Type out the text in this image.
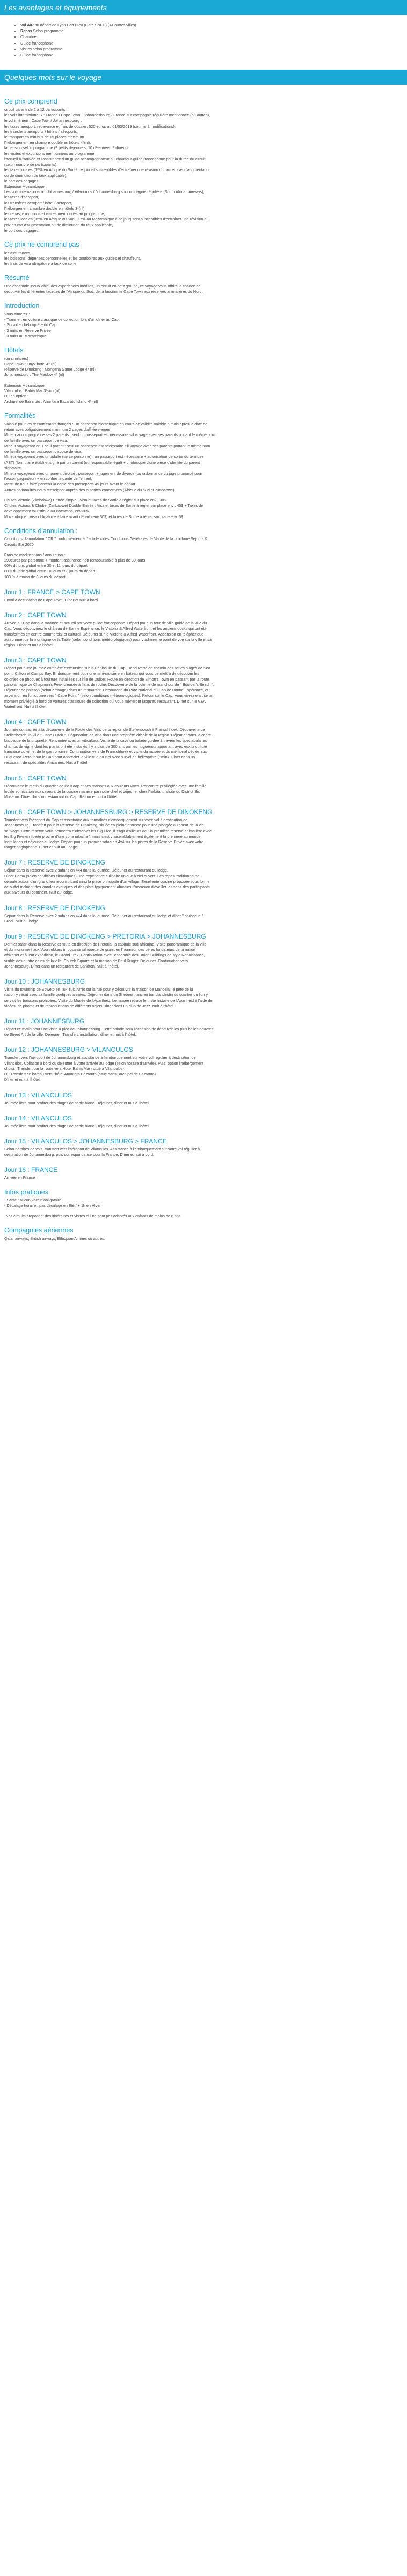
Les avantages et équipements
• Vol A/R au départ de Lyon Part Dieu (Gare SNCF) (+4 autres villes)
• Repas Selon programme
• Chambre
• Guide francophone
• Visites selon programme
• Guide francophone
Quelques mots sur le voyage
Ce prix comprend

circuit garanti de 2 à 12 participants,

les vols internationaux : France / Cape Town - Johannesbourg / France sur compagnie régulière mentionnée (ou autres),

le vol intérieur : Cape Town/ Johannesbourg ,

les taxes aéroport, redevance et frais de dossier: 520 euros au 01/03/2019 (soumis à modifications),

les transferts aéroports / hôtels / aéroports,

le transport en minibus de 15 places maximum

l'hébergement en chambre double en hôtels 4*(nl),

la pension selon programme (9 petits déjeuners, 10 déjeuners, 9 dîners),

les visites et excursions mentionnées au programme,

l'accueil à l'arrivée et l'assistance d'un guide accompagnateur ou chauffeur-guide francophone pour la durée du circuit

(selon nombre de participants),

les taxes locales (15% en Afrique du Sud à ce jour et susceptibles d'entraîner une révision du prix en cas d'augmentation

ou de diminution du taux applicable),

le port des bagages.

Extension Mozambique :

Les vols internationaux : Johannesburg / Vilanculos / Johannesburg sur compagnie régulière (South African Airways),

les taxes d'aéroport,

les transferts aéroport / hôtel / aéroport,

l'hébergement chambre double en hôtels 3*(nl),

les repas, excursions et visites mentionnés au programme,

les taxes locales (15% en Afrique du Sud - 17% au Mozambique à ce jour) sont susceptibles d'entraîner une révision du

prix en cas d'augmentation ou de diminution du taux applicable,

le port des bagages.

Ce prix ne comprend pas

les assurances,

les boissons, dépenses personnelles et les pourboires aux guides et chauffeurs.

les frais de visa obligatoire à taux de sorte

Résumé

Une escapade inoubliable, des expériences inédites, un circuit en petit groupe, ce voyage vous offrira la chance de

découvrir les différentes facettes de l'Afrique du Sud, de la fascinante Cape Town aux réserves animalières du Nord.

Introduction

Vous aimerez :

- Transfert en voiture classique de collection lors d'un dîner au Cap

- Survol en hélicoptère du Cap

- 3 nuits en Réserve Privée

- 3 nuits au Mozambique

Hôtels

(ou similaires)

Cape Town : Onyx hotel 4* (nl)

Réserve de Dinokeng : Mongena Game Lodge 4* (nl)

Johannesburg : The Maslow 4* (nl)

Extension Mozambique

Vilanculos : Bahia Mar 3*sup (nl)

Ou en option :

Archipel de Bazaruto : Anantara Bazaruto Island 4* (nl)

Formalités

Valable pour les ressortissants français : Un passeport biométrique en cours de validité valable 6 mois après la date de

retour avec obligatoirement minimum 2 pages d'affilée vierges.

Mineur accompagné de ses 2 parents : seul un passeport est nécessaire s'il voyage avec ses parents portant le même nom

de famille avec un passeport de visa.

Mineur voyageant en 1 seul parent : seul un passeport est nécessaire s'il voyage avec ses parents portant le même nom

de famille avec un passeport disposé de visa.

Mineur voyageant avec un adulte (tierce personne) : un passeport est nécessaire + autorisation de sortie du territoire

(AST) (formulaire établi et signé par un parent (ou responsable légal) + photocopie d'une pièce d'identité du parent

signataire.

Mineur voyageant avec un parent divorcé : passeport + jugement de divorce (ou ordonnance du juge prononcé pour

l'accompagnateur) + en confier la garde de l'enfant.

Merci de nous faire parvenir la copie des passeports 45 jours avant le départ

Autres nationalités nous renseigner auprès des autorités concernées (Afrique du Sud et Zimbabwe)

Chutes Victoria (Zimbabwe) Entrée simple : Visa et taxes de Sortie à régler sur place env . 30$

Chutes Victoria & Chobe (Zimbabwe) Double Entrée : Visa et taxes de Sortie à régler sur place env . 45$ + Taxes de

développement touristique au Botswana, env.30$

Mozambique : Visa obligatoire à faire avant départ (env 30$) et taxes de Sortie à régler sur place env. 6$

Conditions d'annulation :

Conditions d'annulation " CR " conformément à l' article 4 des Conditions Générales de Vente de la brochure Séjours &

Circuits Eté 2020

Frais de modifications / annulation :

290euros par personne + montant assurance non remboursable à plus de 30 jours

60% du prix global entre 30 et 11 jours du départ

80% du prix global entre 10 jours et 3 jours du départ

100 % à moins de 3 jours du départ

Jour 1 : FRANCE > CAPE TOWN

Envol à destination de Cape Town. Dîner et nuit à bord.

Jour 2 : CAPE TOWN

Arrivée au Cap dans la matinée et accueil par votre guide francophone. Départ pour un tour de ville guidé de la ville du

Cap. Vous découvrirez le château de Bonne Espérance, le Victoria & Alfred Waterfront et les anciens docks qui ont été

transformés en centre commercial et culturel. Déjeuner sur le Victoria & Alfred Waterfront. Ascension en téléphérique

au sommet de la montagne de la Table (selon conditions météorologiques) pour y admirer le point de vue sur la ville et sa

région. Dîner et nuit à l'hôtel.

Jour 3 : CAPE TOWN

Départ pour une journée complète d'excursion sur la Péninsule du Cap. Découverte en chemin des belles plages de Sea

point, Clifton et Camps Bay. Embarquement pour une mini-croisière en bateau qui vous permettra de découvrir les

colonies de phoques à fourrure installées sur l'île de Duiker. Route en direction de Simon's Town en passant par la route

panoramique de Chapman's Peak creusée à flanc de roche. Découverte de la colonie de manchots de " Boulder's Beach ".

Déjeuner de poisson (selon arrivage) dans un restaurant. Découverte du Parc National du Cap de Bonne Espérance, et

ascension en funiculaire vers " Cape Point " (selon conditions météorologiques). Retour sur le Cap. Vous vivrez ensuite un

moment privilégié à bord de voitures classiques de collection qui vous mèneront jusqu'au restaurant. Dîner sur le V&A

Waterfront. Nuit à l'hôtel.

Jour 4 : CAPE TOWN

Journée consacrée à la découverte de la Route des Vins de la région de Stellenbosch à Franschhoek. Découverte de

Stellenbosch, la ville " Cape Dutch ". Dégustation de vins dans une propriété viticole de la région. Déjeuner dans le cadre

bucolique de la propriété. Rencontre avec un viticulteur. Visite de la cave ou balade guidée à travers les spectaculaires

champs de vigne dont les plants ont été installés il y a plus de 300 ans par les huguenots apportant avec eux la culture

française du vin et de la gastronomie. Continuation vers de Franschhoek et visite du musée et du mémorial dédiés aux

Huguenot. Retour sur le Cap pour apprécier la ville vue du ciel avec survol en hélicoptère (8min). Dîner dans un

restaurant de spécialités Africaines. Nuit à l'hôtel.

Jour 5 : CAPE TOWN

Découverte le matin du quartier de Bo Kaap et ses maisons aux couleurs vives. Rencontre privilégiée avec une famille

locale et initiation aux saveurs de la cuisine malaise par notre chef et déjeuner chez l'habitant. Visite du District Six

Museum. Dîner dans un restaurant du Cap. Retour et nuit à l'hôtel.

Jour 6 : CAPE TOWN > JOHANNESBURG > RESERVE DE DINOKENG

Transfert vers l'aéroport du Cap et assistance aux formalités d'embarquement sur votre vol à destination de

Johannesburg. Transfert pour la Réserve de Dinokeng, située en pleine brousse pour une plongée au coeur de la vie

sauvage. Cette réserve vous permettra d'observer les Big Five. Il s'agit d'ailleurs de " la première réserve animalière avec

les Big Five en liberté proche d'une zone urbaine ", mais c'est vraisemblablement également la première au monde.

Installation et déjeuner au lodge. Départ pour un premier safari en 4x4 sur les pistes de la Réserve Privée avec votre

ranger anglophone. Dîner et nuit au Lodge.

Jour 7 : RESERVE DE DINOKENG

Séjour dans la Réserve avec 2 safaris en 4x4 dans la journée. Déjeuner au restaurant du lodge.

Dîner Boma (selon conditions climatiques) Une expérience culinaire unique à ciel ouvert. Ces repas traditionnel se

déroule autour d'un grand feu reconstituant ainsi la place principale d'un village. Excellente cuisine proposée sous forme

de buffet incluant des viandes exotiques et des plats typiquement africains. l'occasion d'éveiller les sens des participants

aux saveurs du continent. Nuit au lodge.

Jour 8 : RESERVE DE DINOKENG

Séjour dans la Réserve avec 2 safaris en 4x4 dans la journée. Déjeuner au restaurant du lodge et dîner " barbecue "

Braai. Nuit au lodge.

Jour 9 : RESERVE DE DINOKENG > PRETORIA > JOHANNESBURG

Dernier safari dans la Réserve et route en direction de Pretoria, la capitale sud-africaine. Visite panoramique de la ville

et du monument aux Voortrekkers imposante silhouette de granit en l'honneur des pères fondateurs de la nation

afrikaner et à leur expédition, le Grand Trek. Continuation avec l'ensemble des Union Buildings de style Renaissance,

visible des quatre coins de la ville, Church Square et la maison de Paul Kruger. Déjeuner. Continuation vers

Johannesburg. Dîner dans un restaurant de Sandton. Nuit à l'hôtel.

Jour 10 : JOHANNESBURG

Visite du township de Soweto en Tuk Tuk. Arrêt sur la rue pour y découvrir la maison de Mandela, le père de la

nation y vécut avec sa famille quelques années. Déjeuner dans un Shebeen, ancien bar clandestin du quartier où l'on y

servait les boissons prohibées. Visite du Musée de l'Apartheid. Le musée retrace le triste histoire de l'Apartheid à l'aide de

vidéos, de photos et de reproductions de différents objets Dîner dans un club de Jazz. Nuit à l'hôtel.

Jour 11 : JOHANNESBURG

Départ ce matin pour une visite à pied de Johannesburg. Cette balade sera l'occasion de découvrir les plus belles oeuvres

de Street Art de la ville. Déjeuner. Transfert, installation, dîner et nuit à l'hôtel.

Jour 12 : JOHANNESBURG > VILANCULOS

Transfert vers l'aéroport de Johannesburg et assistance à l'embarquement sur votre vol régulier à destination de

Vilanculos. Collation à bord ou déjeuner à votre arrivée au lodge (selon horaire d'arrivée). Puis, option l'hébergement

choisi : Transfert par la route vers Hotel Bahia Mar (situé à Vilanculos)

Ou Transfert en bateau vers l'hôtel Anantara Bazaruto (situé dans l'archipel de Bazaruto)

Dîner et nuit à l'hôtel.

Jour 13 : VILANCULOS

Journée libre pour profiter des plages de sable blanc. Déjeuner, dîner et nuit à l'hôtel.

Jour 14 : VILANCULOS

Journée libre pour profiter des plages de sable blanc. Déjeuner, dîner et nuit à l'hôtel.

Jour 15 : VILANCULOS > JOHANNESBURG > FRANCE

Selon horaires de vols, transfert vers l'aéroport de Vilanculos. Assistance à l'embarquement sur votre vol régulier à

destination de Johannesburg, puis correspondance pour la France. Dîner et nuit à bord.

Jour 16 : FRANCE

Arrivée en France

Infos pratiques

- Santé : aucun vaccin obligatoire

- Décalage horaire : pas décalage en Eté / + 1h en Hiver

-Nos circuits proposant des itinéraires et visites qui ne sont pas adaptés aux enfants de moins de 6 ans

Compagnies aériennes

Qatar airways, British airways, Ethiopian Airlines ou autres.
